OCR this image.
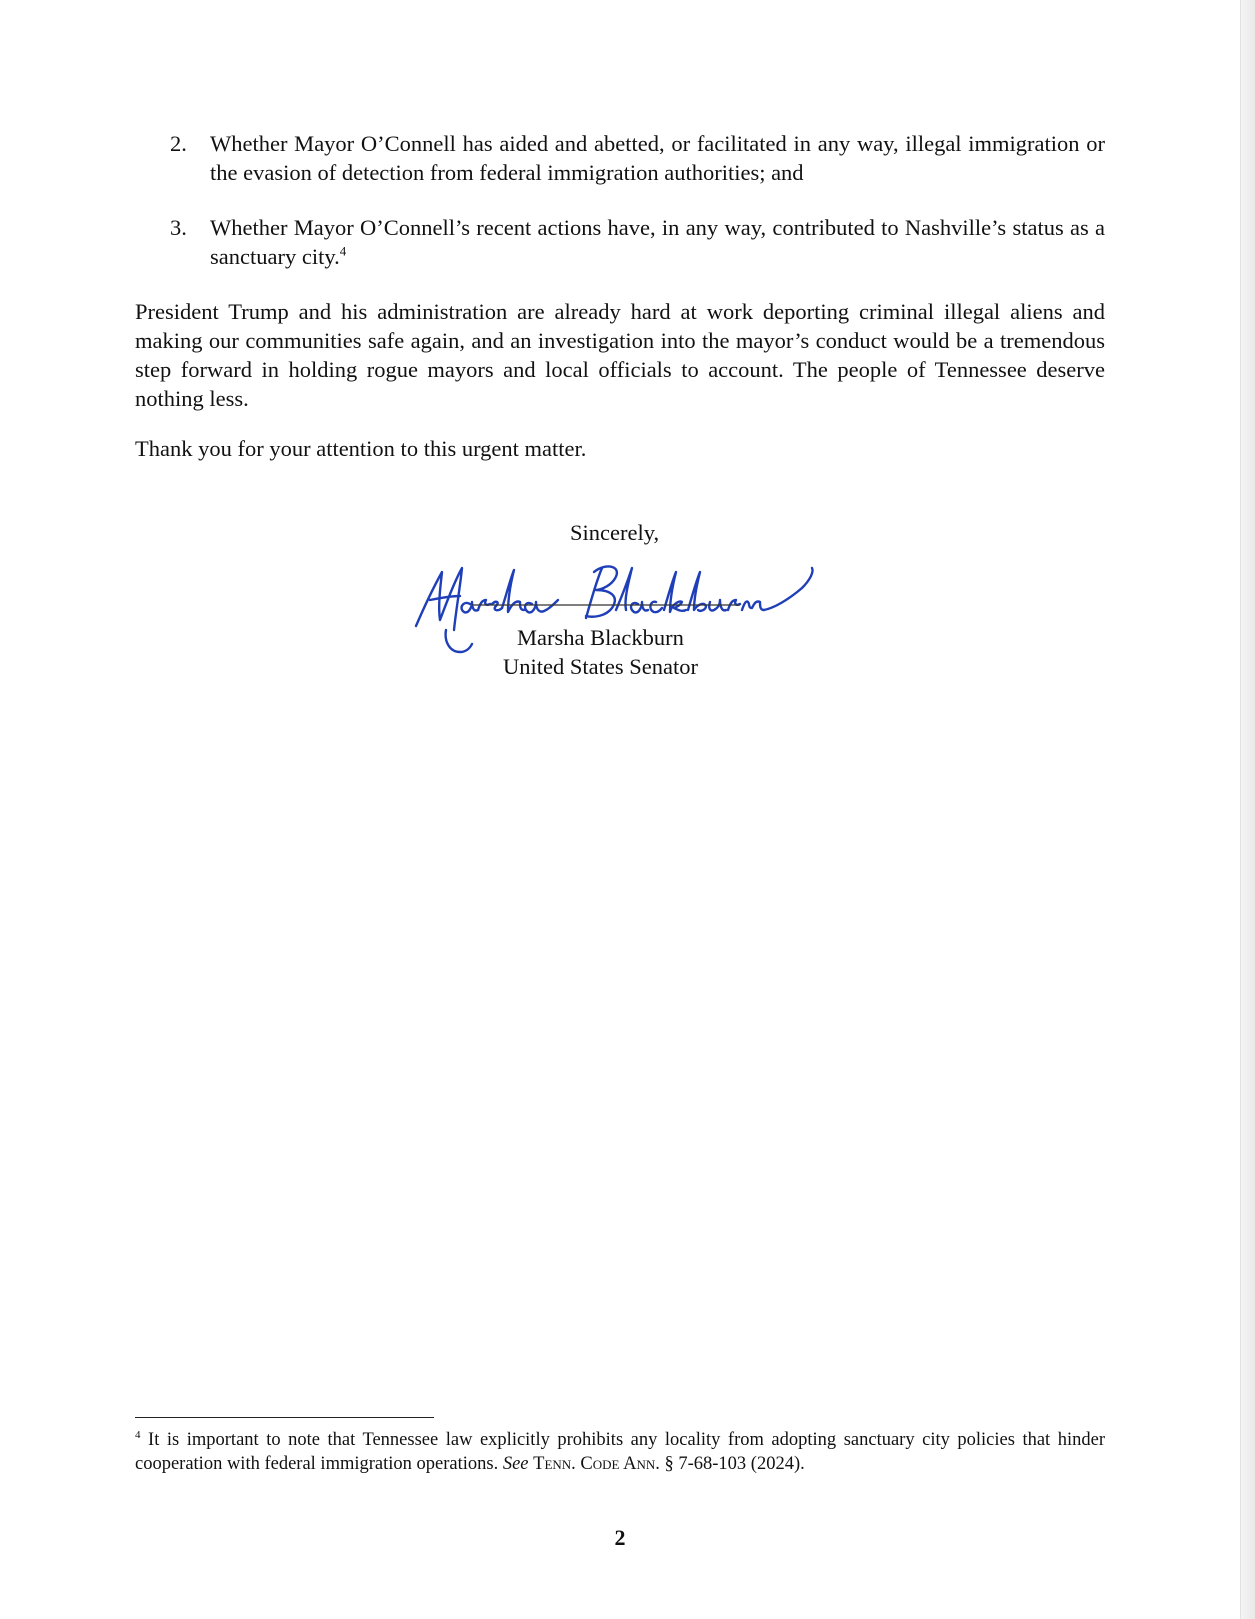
2. Whether Mayor O’Connell has aided and abetted, or facilitated in any way, illegal immigration or the evasion of detection from federal immigration authorities; and
3. Whether Mayor O’Connell’s recent actions have, in any way, contributed to Nashville’s status as a sanctuary city.$^4$

President Trump and his administration are already hard at work deporting criminal illegal aliens and making our communities safe again, and an investigation into the mayor’s conduct would be a tremendous step forward in holding rogue mayors and local officials to account. The people of Tennessee deserve nothing less.

Thank you for your attention to this urgent matter.

Sincerely,
Marsha Blackburn
United States Senator
$^4$ It is important to note that Tennessee law explicitly prohibits any locality from adopting sanctuary city policies that hinder cooperation with federal immigration operations. See Tenn. Code Ann. § 7-68-103 (2024).
2
